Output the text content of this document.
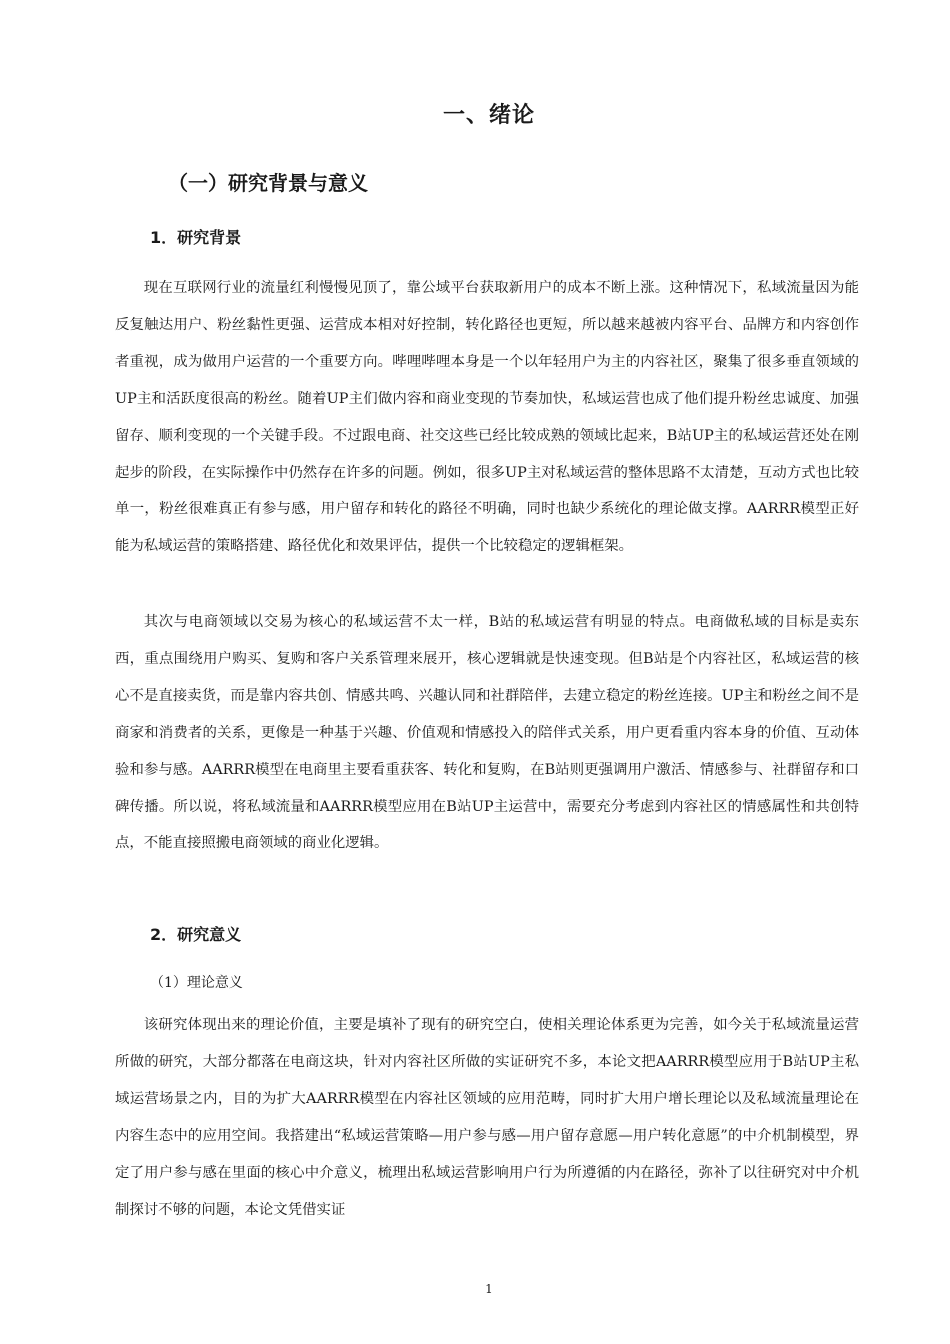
一、绪论
（一）研究背景与意义
1．研究背景

现在互联网行业的流量红利慢慢见顶了，靠公域平台获取新用户的成本不断上涨。这种情况下，私域流量因为能反复触达用户、粉丝黏性更强、运营成本相对好控制，转化路径也更短，所以越来越被内容平台、品牌方和内容创作者重视，成为做用户运营的一个重要方向。哔哩哔哩本身是一个以年轻用户为主的内容社区，聚集了很多垂直领域的UP主和活跃度很高的粉丝。随着UP主们做内容和商业变现的节奏加快，私域运营也成了他们提升粉丝忠诚度、加强留存、顺利变现的一个关键手段。不过跟电商、社交这些已经比较成熟的领域比起来，B站UP主的私域运营还处在刚起步的阶段，在实际操作中仍然存在许多的问题。例如，很多UP主对私域运营的整体思路不太清楚，互动方式也比较单一，粉丝很难真正有参与感，用户留存和转化的路径不明确，同时也缺少系统化的理论做支撑。AARRR模型正好能为私域运营的策略搭建、路径优化和效果评估，提供一个比较稳定的逻辑框架。

其次与电商领域以交易为核心的私域运营不太一样，B站的私域运营有明显的特点。电商做私域的目标是卖东西，重点围绕用户购买、复购和客户关系管理来展开，核心逻辑就是快速变现。但B站是个内容社区，私域运营的核心不是直接卖货，而是靠内容共创、情感共鸣、兴趣认同和社群陪伴，去建立稳定的粉丝连接。UP主和粉丝之间不是商家和消费者的关系，更像是一种基于兴趣、价值观和情感投入的陪伴式关系，用户更看重内容本身的价值、互动体验和参与感。AARRR模型在电商里主要看重获客、转化和复购，在B站则更强调用户激活、情感参与、社群留存和口碑传播。所以说，将私域流量和AARRR模型应用在B站UP主运营中，需要充分考虑到内容社区的情感属性和共创特点，不能直接照搬电商领域的商业化逻辑。

2．研究意义
（1）理论意义

该研究体现出来的理论价值，主要是填补了现有的研究空白，使相关理论体系更为完善，如今关于私域流量运营所做的研究，大部分都落在电商这块，针对内容社区所做的实证研究不多，本论文把AARRR模型应用于B站UP主私域运营场景之内，目的为扩大AARRR模型在内容社区领域的应用范畴，同时扩大用户增长理论以及私域流量理论在内容生态中的应用空间。我搭建出“私域运营策略—用户参与感—用户留存意愿—用户转化意愿”的中介机制模型，界定了用户参与感在里面的核心中介意义，梳理出私域运营影响用户行为所遵循的内在路径，弥补了以往研究对中介机制探讨不够的问题，本论文凭借实证

1
